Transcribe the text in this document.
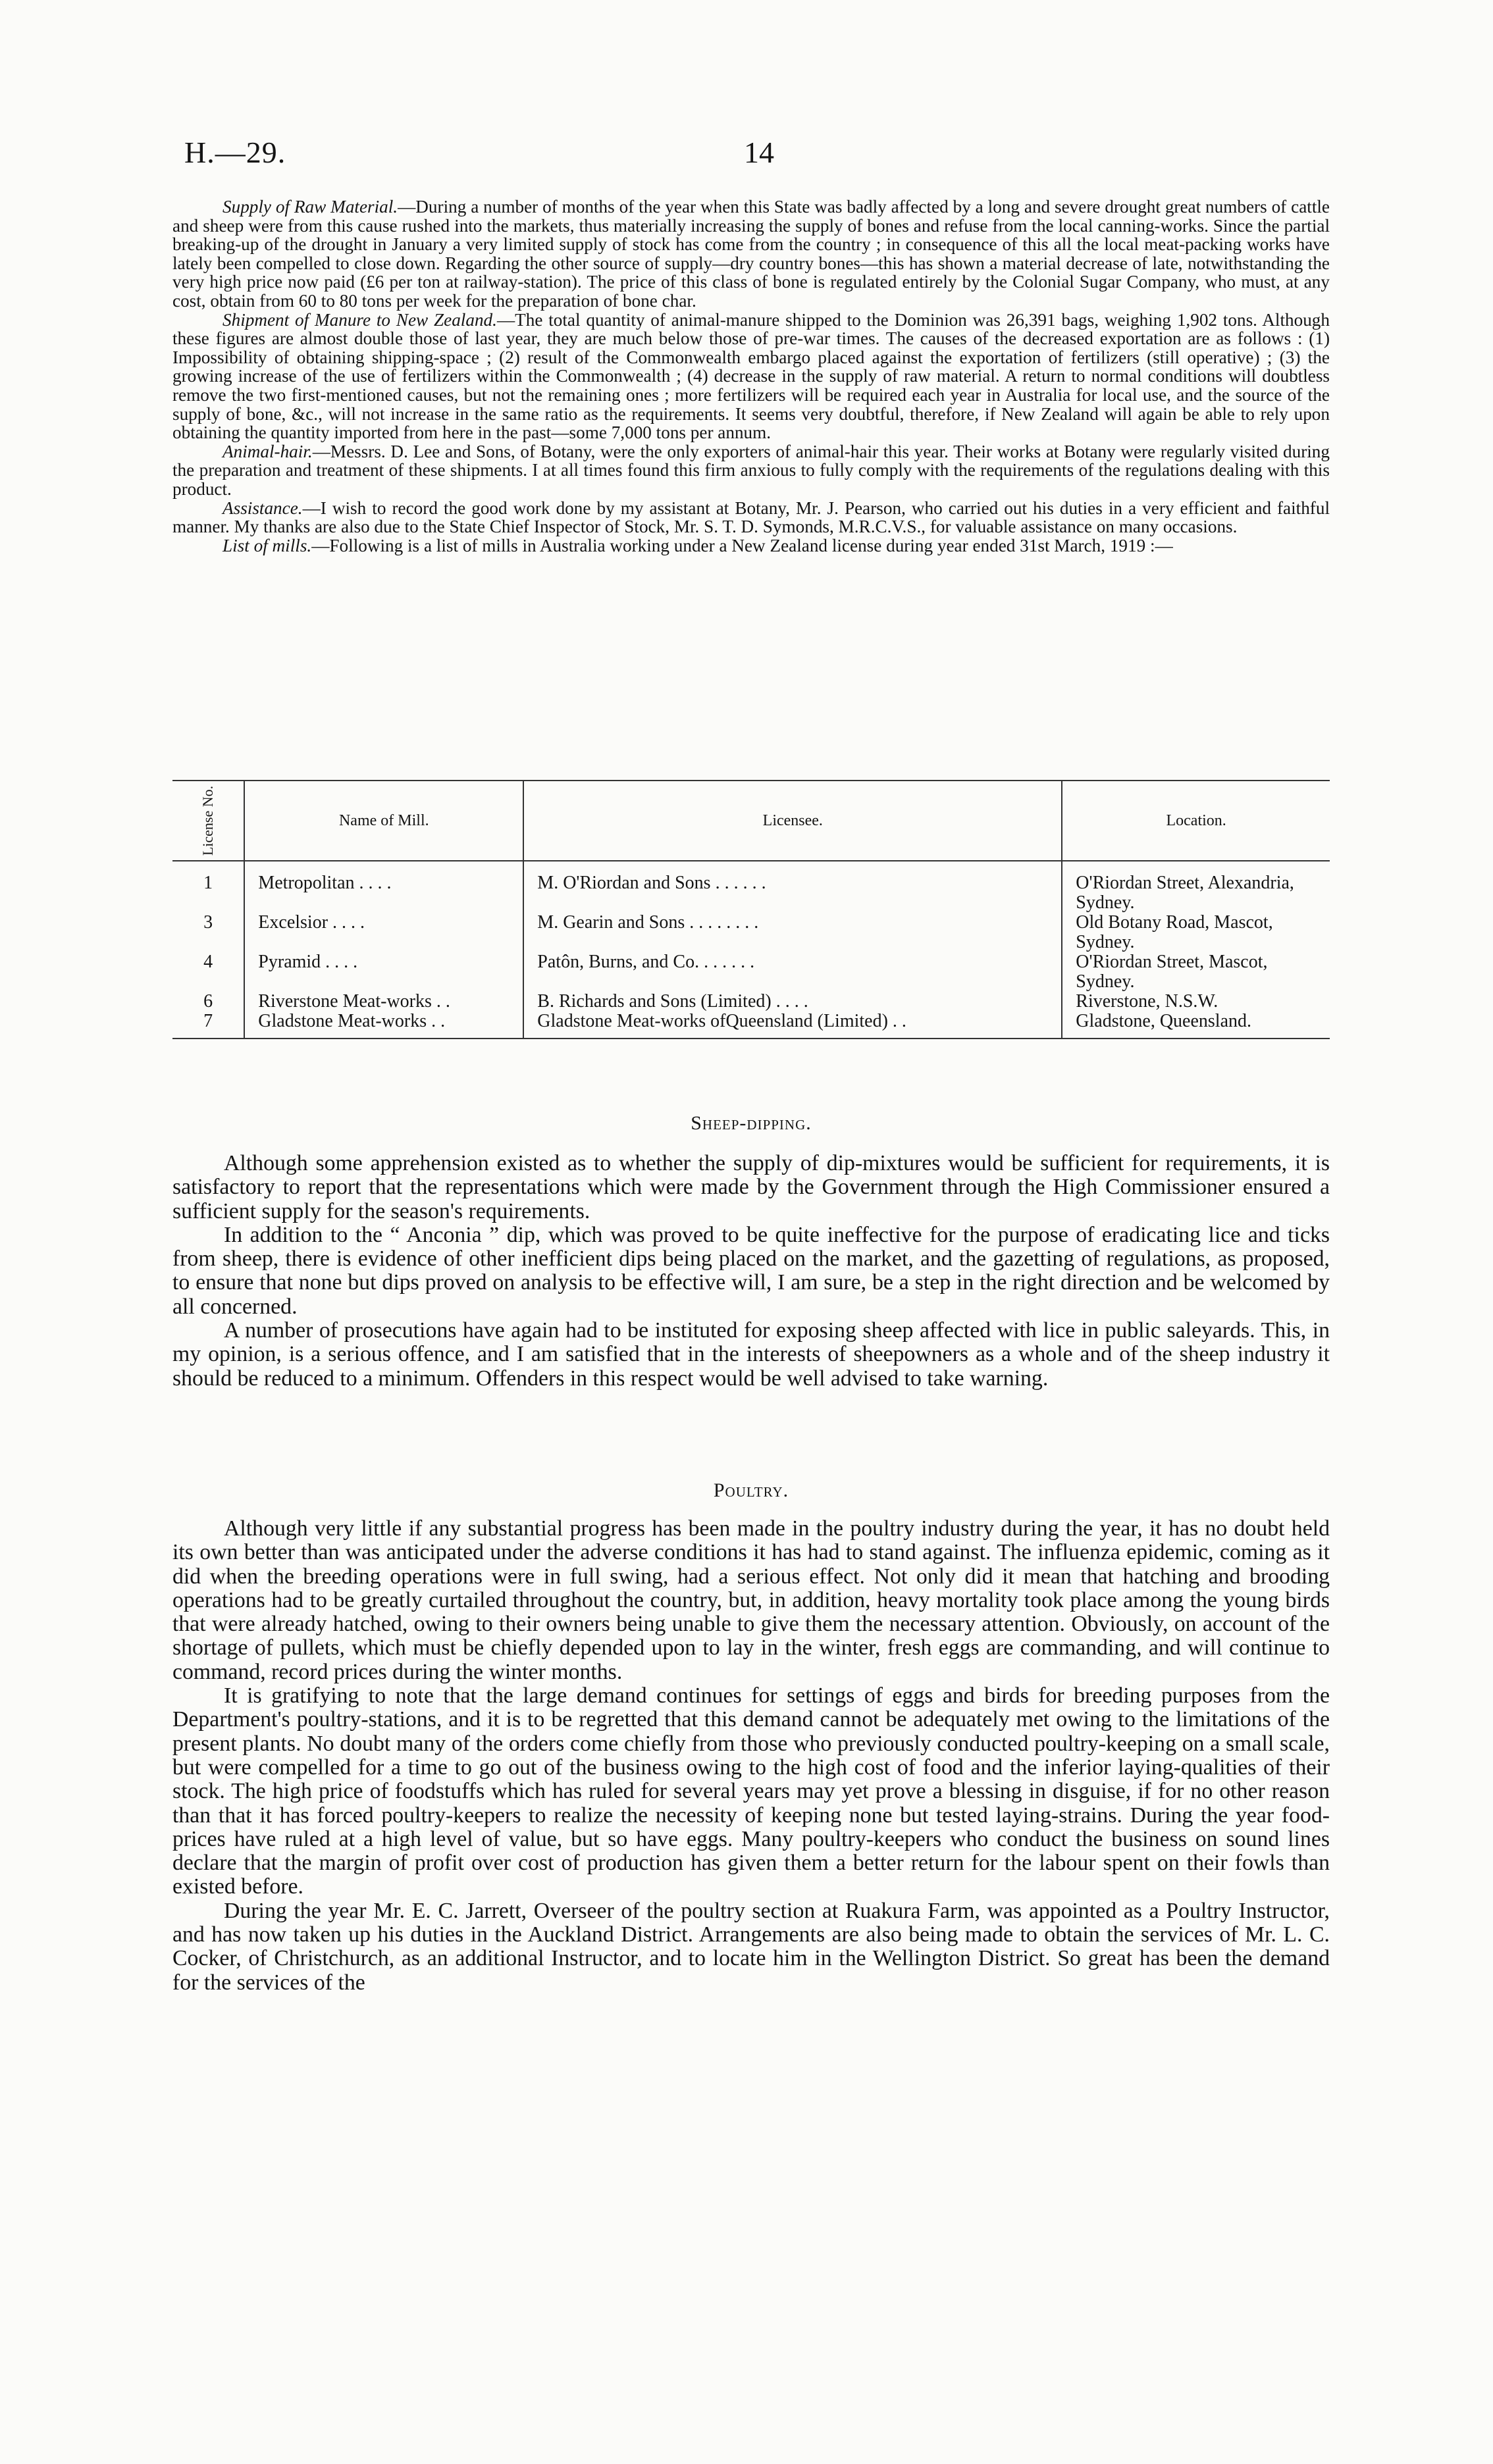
H.—29.	14

Supply of Raw Material.—During a number of months of the year when this State was badly affected by a long and severe drought great numbers of cattle and sheep were from this cause rushed into the markets, thus materially increasing the supply of bones and refuse from the local canning-works. Since the partial breaking-up of the drought in January a very limited supply of stock has come from the country ; in consequence of this all the local meat-packing works have lately been compelled to close down. Regarding the other source of supply—dry country bones—this has shown a material decrease of late, notwithstanding the very high price now paid (£6 per ton at railway-station). The price of this class of bone is regulated entirely by the Colonial Sugar Company, who must, at any cost, obtain from 60 to 80 tons per week for the preparation of bone char.

Shipment of Manure to New Zealand.—The total quantity of animal-manure shipped to the Dominion was 26,391 bags, weighing 1,902 tons. Although these figures are almost double those of last year, they are much below those of pre-war times. The causes of the decreased exportation are as follows : (1) Impossibility of obtaining shipping-space ; (2) result of the Commonwealth embargo placed against the exportation of fertilizers (still operative) ; (3) the growing increase of the use of fertilizers within the Commonwealth ; (4) decrease in the supply of raw material. A return to normal conditions will doubtless remove the two first-mentioned causes, but not the remaining ones ; more fertilizers will be required each year in Australia for local use, and the source of the supply of bone, &c., will not increase in the same ratio as the requirements. It seems very doubtful, therefore, if New Zealand will again be able to rely upon obtaining the quantity imported from here in the past—some 7,000 tons per annum.

Animal-hair.—Messrs. D. Lee and Sons, of Botany, were the only exporters of animal-hair this year. Their works at Botany were regularly visited during the preparation and treatment of these shipments. I at all times found this firm anxious to fully comply with the requirements of the regulations dealing with this product.

Assistance.—I wish to record the good work done by my assistant at Botany, Mr. J. Pearson, who carried out his duties in a very efficient and faithful manner. My thanks are also due to the State Chief Inspector of Stock, Mr. S. T. D. Symonds, M.R.C.V.S., for valuable assistance on many occasions.

List of mills.—Following is a list of mills in Australia working under a New Zealand license during year ended 31st March, 1919 :—

License No.	Name of Mill.	Licensee.	Location.
1	Metropolitan . . . .	M. O'Riordan and Sons . . . . . .	O'Riordan Street, Alexandria, Sydney.
3	Excelsior . . . .	M. Gearin and Sons . . . . . . . .	Old Botany Road, Mascot, Sydney.
4	Pyramid . . . .	Patôn, Burns, and Co. . . . . . .	O'Riordan Street, Mascot, Sydney.
6	Riverstone Meat-works . .	B. Richards and Sons (Limited) . . . .	Riverstone, N.S.W.
7	Gladstone Meat-works . .	Gladstone Meat-works ofQueensland (Limited) . .	Gladstone, Queensland.

Sheep-dipping.

Although some apprehension existed as to whether the supply of dip-mixtures would be sufficient for requirements, it is satisfactory to report that the representations which were made by the Government through the High Commissioner ensured a sufficient supply for the season's requirements.

In addition to the “ Anconia ” dip, which was proved to be quite ineffective for the purpose of eradicating lice and ticks from sheep, there is evidence of other inefficient dips being placed on the market, and the gazetting of regulations, as proposed, to ensure that none but dips proved on analysis to be effective will, I am sure, be a step in the right direction and be welcomed by all concerned.

A number of prosecutions have again had to be instituted for exposing sheep affected with lice in public saleyards. This, in my opinion, is a serious offence, and I am satisfied that in the interests of sheepowners as a whole and of the sheep industry it should be reduced to a minimum. Offenders in this respect would be well advised to take warning.

Poultry.

Although very little if any substantial progress has been made in the poultry industry during the year, it has no doubt held its own better than was anticipated under the adverse conditions it has had to stand against. The influenza epidemic, coming as it did when the breeding operations were in full swing, had a serious effect. Not only did it mean that hatching and brooding operations had to be greatly curtailed throughout the country, but, in addition, heavy mortality took place among the young birds that were already hatched, owing to their owners being unable to give them the necessary attention. Obviously, on account of the shortage of pullets, which must be chiefly depended upon to lay in the winter, fresh eggs are commanding, and will continue to command, record prices during the winter months.

It is gratifying to note that the large demand continues for settings of eggs and birds for breeding purposes from the Department's poultry-stations, and it is to be regretted that this demand cannot be adequately met owing to the limitations of the present plants. No doubt many of the orders come chiefly from those who previously conducted poultry-keeping on a small scale, but were compelled for a time to go out of the business owing to the high cost of food and the inferior laying-qualities of their stock. The high price of foodstuffs which has ruled for several years may yet prove a blessing in disguise, if for no other reason than that it has forced poultry-keepers to realize the necessity of keeping none but tested laying-strains. During the year food-prices have ruled at a high level of value, but so have eggs. Many poultry-keepers who conduct the business on sound lines declare that the margin of profit over cost of production has given them a better return for the labour spent on their fowls than existed before.

During the year Mr. E. C. Jarrett, Overseer of the poultry section at Ruakura Farm, was appointed as a Poultry Instructor, and has now taken up his duties in the Auckland District. Arrangements are also being made to obtain the services of Mr. L. C. Cocker, of Christchurch, as an additional Instructor, and to locate him in the Wellington District. So great has been the demand for the services of the
